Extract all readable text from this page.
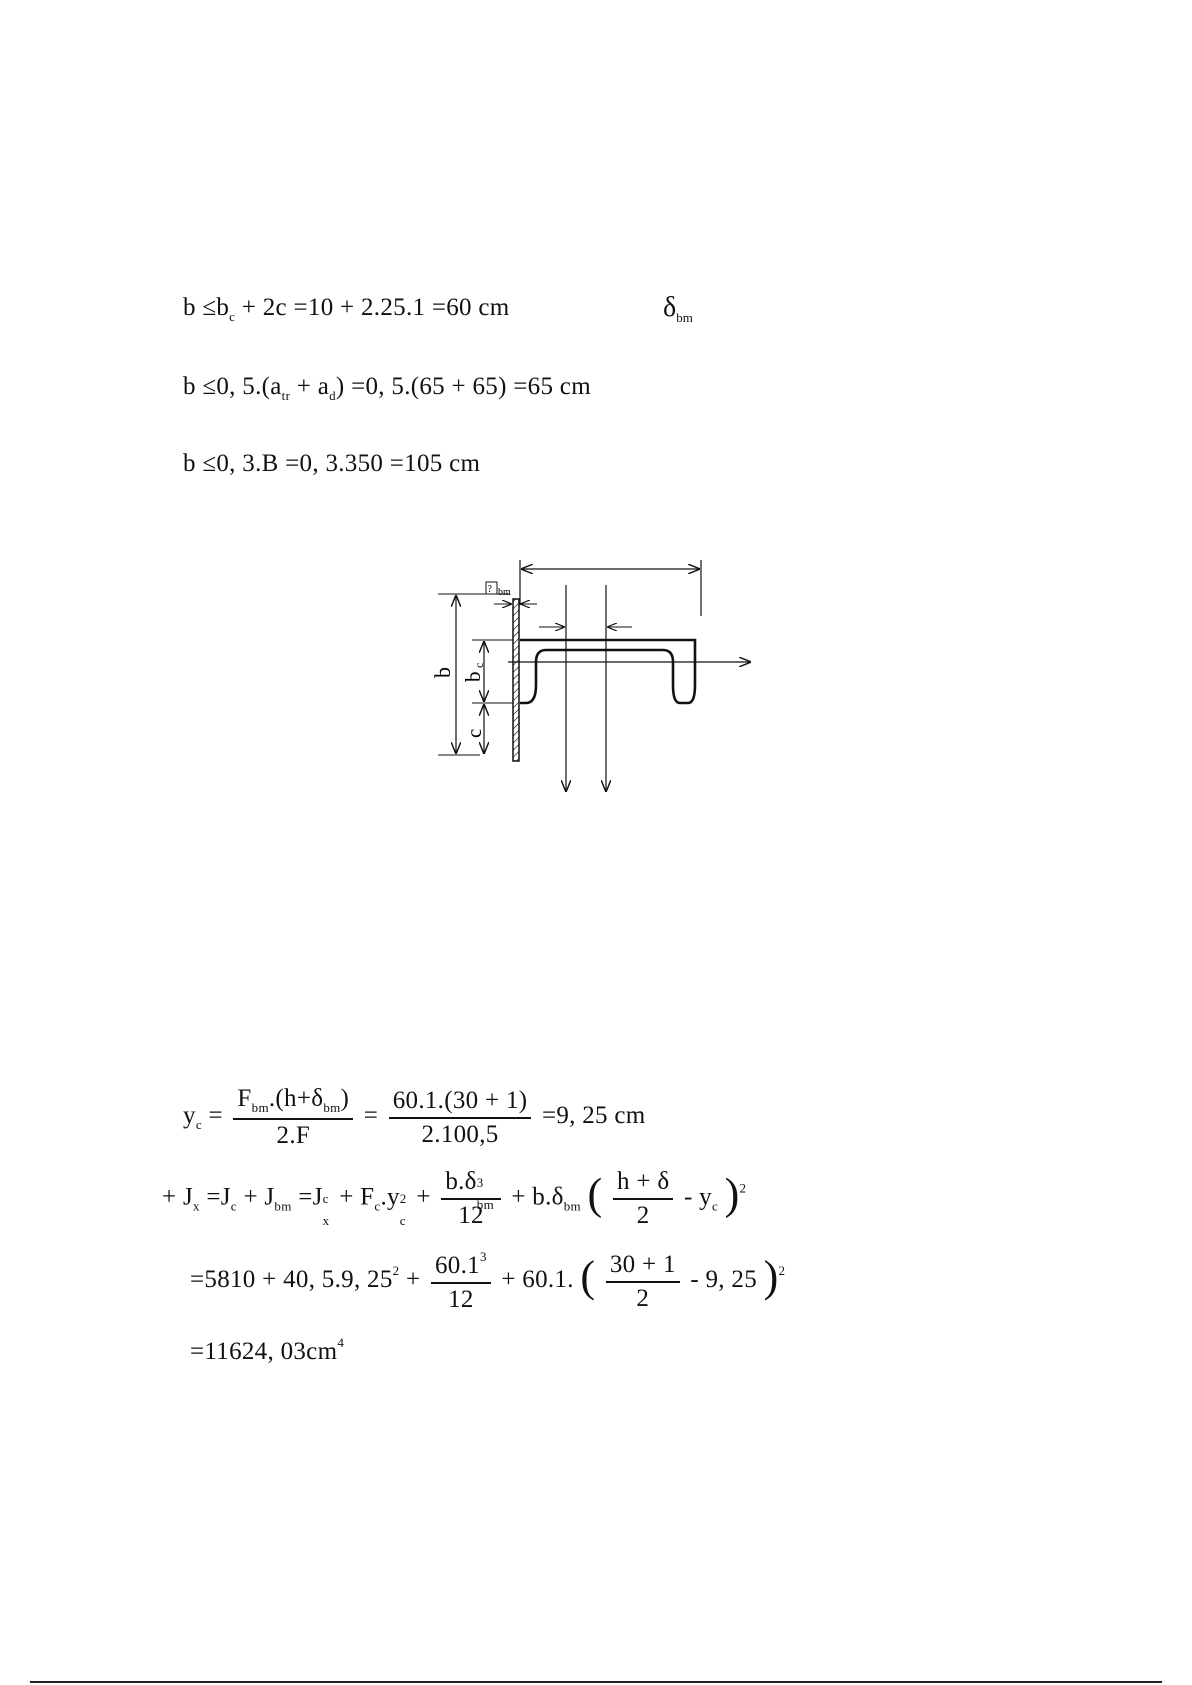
$\delta_{bm}$
$b \le b_c + 2c =10 + 2.25.1 =60$ cm
b ≤0, $5.(a_{tr} + a_d) =0$, 5.(65 + 65) =65 cm
b ≤0, 3.B =0, 3.350 =105 cm
? bm
b b
c
c
$y_c = \frac{F_{bm}.(h+\delta_{bm})}{2.F} = \frac{60.1.(30 + 1)}{2.100,5} =9$, 25 cm
+ $J_x =J_c + J_{bm} =J$ c
x
+ $F_c.y$ 2
c
+ b.δ 3
bm
$12 + b.\delta_{bm}$ ( $\frac{h + \delta}{2} - y_c$ )$^2$
=5810 + 40, 5.9, $25^2 + \frac{60.1^3}{12} + 60.1$. ( $\frac{30 + 1}{2} - 9$, 25 )$^2$
=11624, $03cm^4$
